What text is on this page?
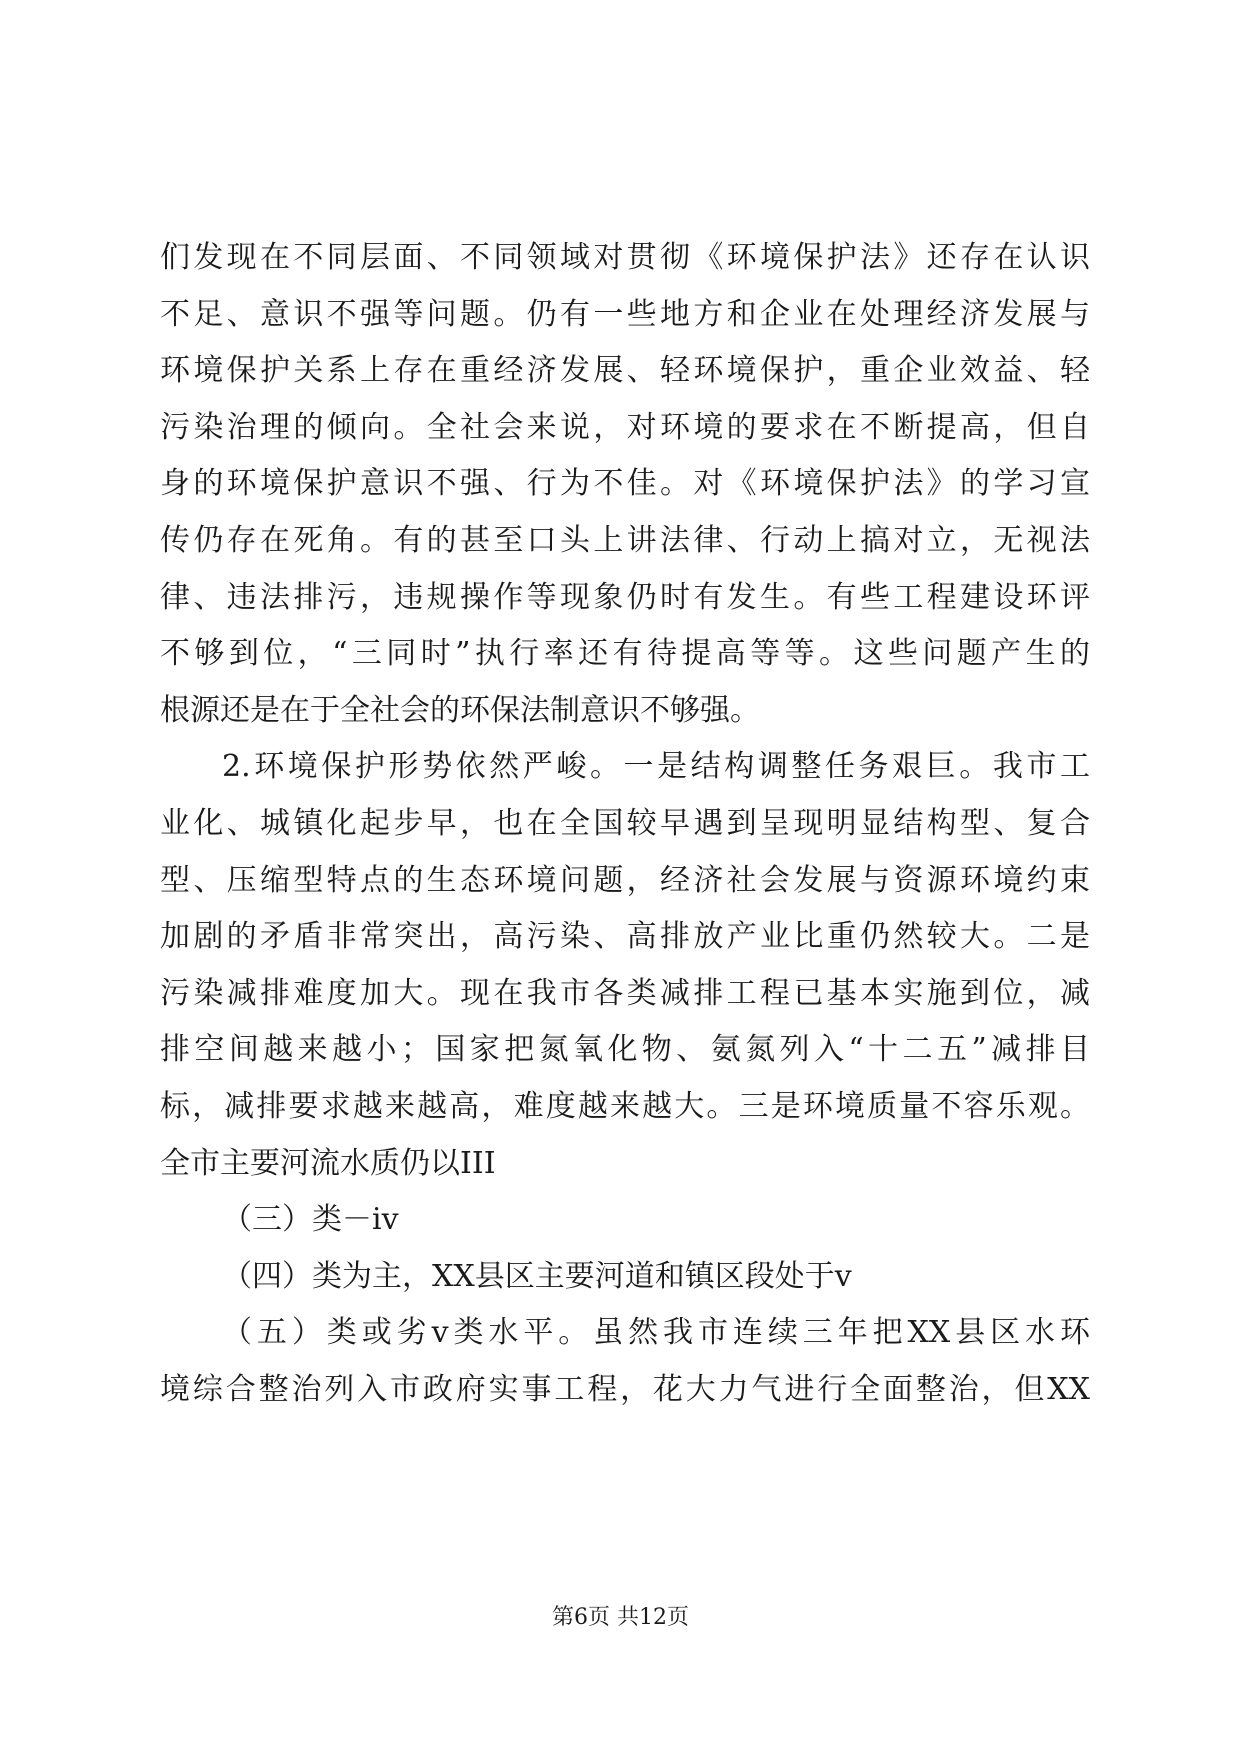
们发现在不同层面、不同领域对贯彻《环境保护法》还存在认识
不足、意识不强等问题。仍有一些地方和企业在处理经济发展与
环境保护关系上存在重经济发展、轻环境保护，重企业效益、轻
污染治理的倾向。全社会来说，对环境的要求在不断提高，但自
身的环境保护意识不强、行为不佳。对《环境保护法》的学习宣
传仍存在死角。有的甚至口头上讲法律、行动上搞对立，无视法
律、违法排污，违规操作等现象仍时有发生。有些工程建设环评
不够到位，“三同时”执行率还有待提高等等。这些问题产生的
根源还是在于全社会的环保法制意识不够强。
2.环境保护形势依然严峻。一是结构调整任务艰巨。我市工
业化、城镇化起步早，也在全国较早遇到呈现明显结构型、复合
型、压缩型特点的生态环境问题，经济社会发展与资源环境约束
加剧的矛盾非常突出，高污染、高排放产业比重仍然较大。二是
污染减排难度加大。现在我市各类减排工程已基本实施到位，减
排空间越来越小；国家把氮氧化物、氨氮列入“十二五”减排目
标，减排要求越来越高，难度越来越大。三是环境质量不容乐观。
全市主要河流水质仍以III
（三）类－iv
（四）类为主，XX县区主要河道和镇区段处于v
（五）类或劣v类水平。虽然我市连续三年把XX县区水环
境综合整治列入市政府实事工程，花大力气进行全面整治，但XX
第6页 共12页
